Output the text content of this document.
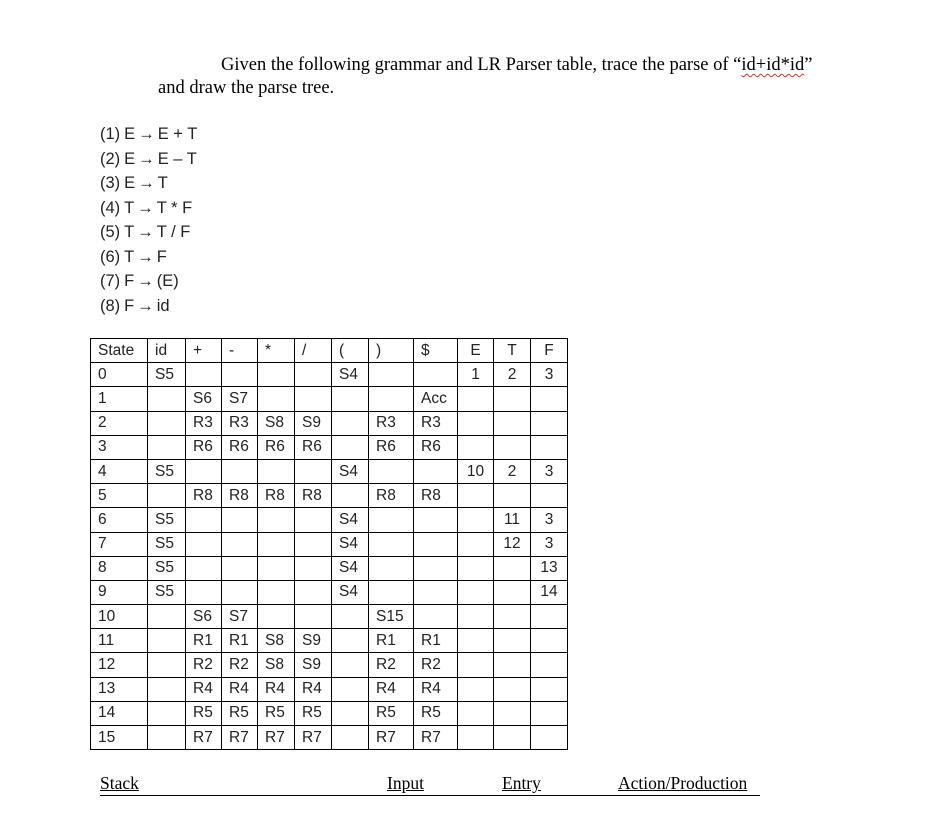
Given the following grammar and LR Parser table, trace the parse of “id+id*id”
and draw the parse tree.
(1) E → E + T
(2) E → E – T
(3) E → T
(4) T → T * F
(5) T → T / F
(6) T → F
(7) F → (E)
(8) F → id
State	id	+	-	*	/	(	)	$	E	T	F
0	S5					S4			1	2	3
1		S6	S7					Acc			
2		R3	R3	S8	S9		R3	R3			
3		R6	R6	R6	R6		R6	R6			
4	S5					S4			10	2	3
5		R8	R8	R8	R8		R8	R8			
6	S5					S4				11	3
7	S5					S4				12	3
8	S5					S4					13
9	S5					S4					14
10		S6	S7				S15				
11		R1	R1	S8	S9		R1	R1			
12		R2	R2	S8	S9		R2	R2			
13		R4	R4	R4	R4		R4	R4			
14		R5	R5	R5	R5		R5	R5			
15		R7	R7	R7	R7		R7	R7			
Stack	Input	Entry	Action/Production
